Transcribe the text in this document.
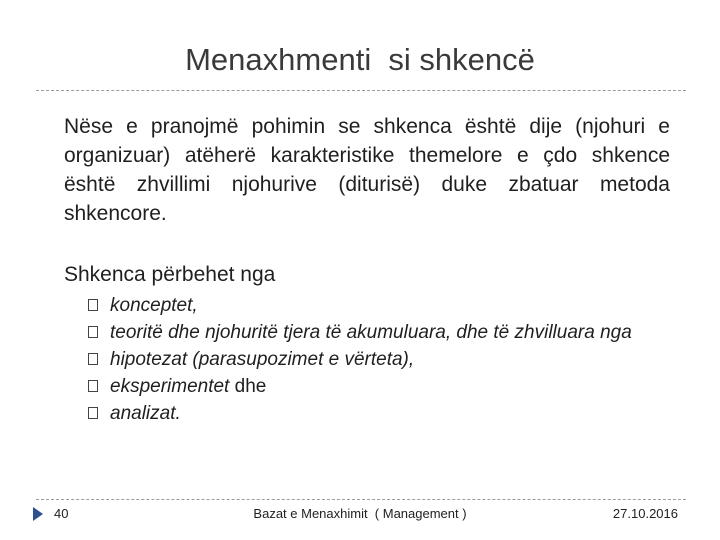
Menaxhmenti  si shkencë
Nëse e pranojmë pohimin se shkenca është dije (njohuri e organizuar) atëherë karakteristike themelore e çdo shkence është zhvillimi njohurive (diturisë) duke zbatuar metoda shkencore.
Shkenca përbehet nga
konceptet,
teoritë dhe njohuritë tjera të akumuluara, dhe të zhvilluara nga
hipotezat (parasupozimet e vërteta),
eksperimentet dhe
analizat.
40	Bazat e Menaxhimit  ( Management )	27.10.2016
